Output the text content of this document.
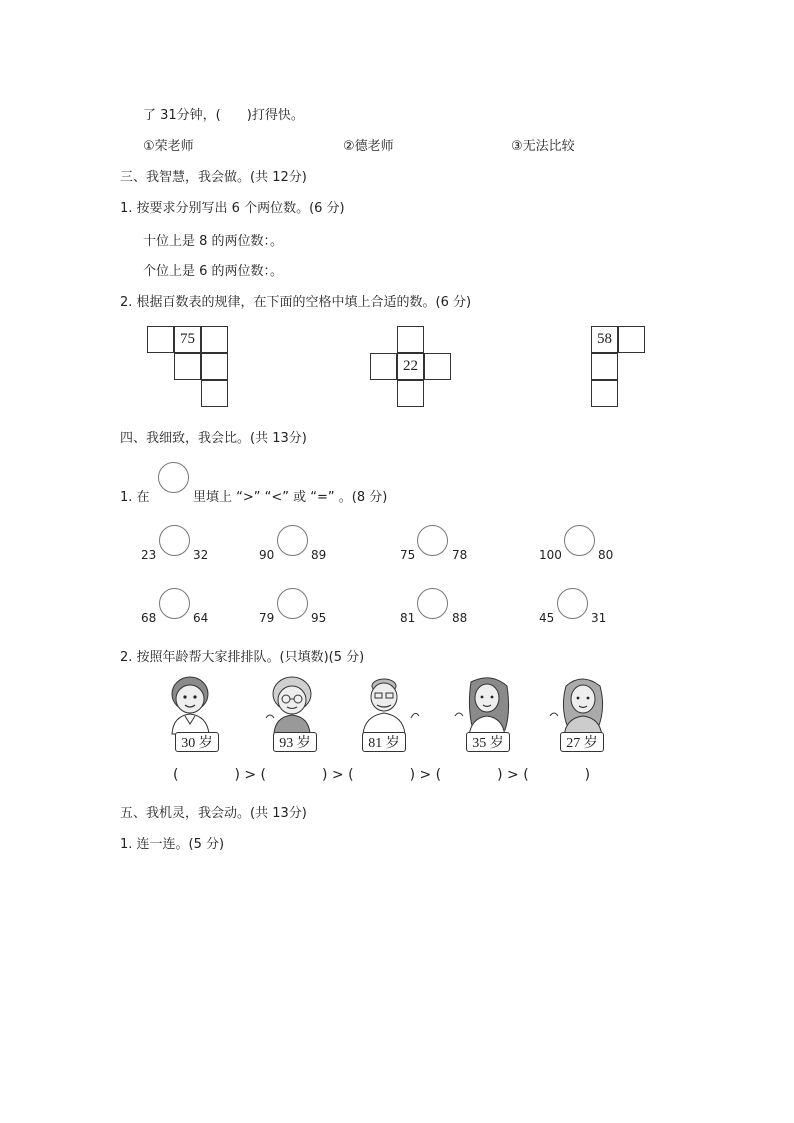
了 31分钟，(　　)打得快。
①荣老师	②德老师	③无法比较
三、我智慧，我会做。(共 12分)
1. 按要求分别写出 6 个两位数。(6 分)
十位上是 8 的两位数：。
个位上是 6 的两位数：。
2. 根据百数表的规律，在下面的空格中填上合适的数。(6 分)
75
22
58
四、我细致，我会比。(共 13分)
1. 在	里填上 “>” “<” 或 “=” 。(8 分)
23	32	90	89	75	78	100	80
68	64	79	95	81	88	45	31
2. 按照年龄帮大家排排队。(只填数)(5 分)
30 岁	93 岁	81 岁	35 岁	27 岁
(　　　　) > (　　　　) > (　　　　) > (　　　　) > (　　　　)
五、我机灵，我会动。(共 13分)
1. 连一连。(5 分)
